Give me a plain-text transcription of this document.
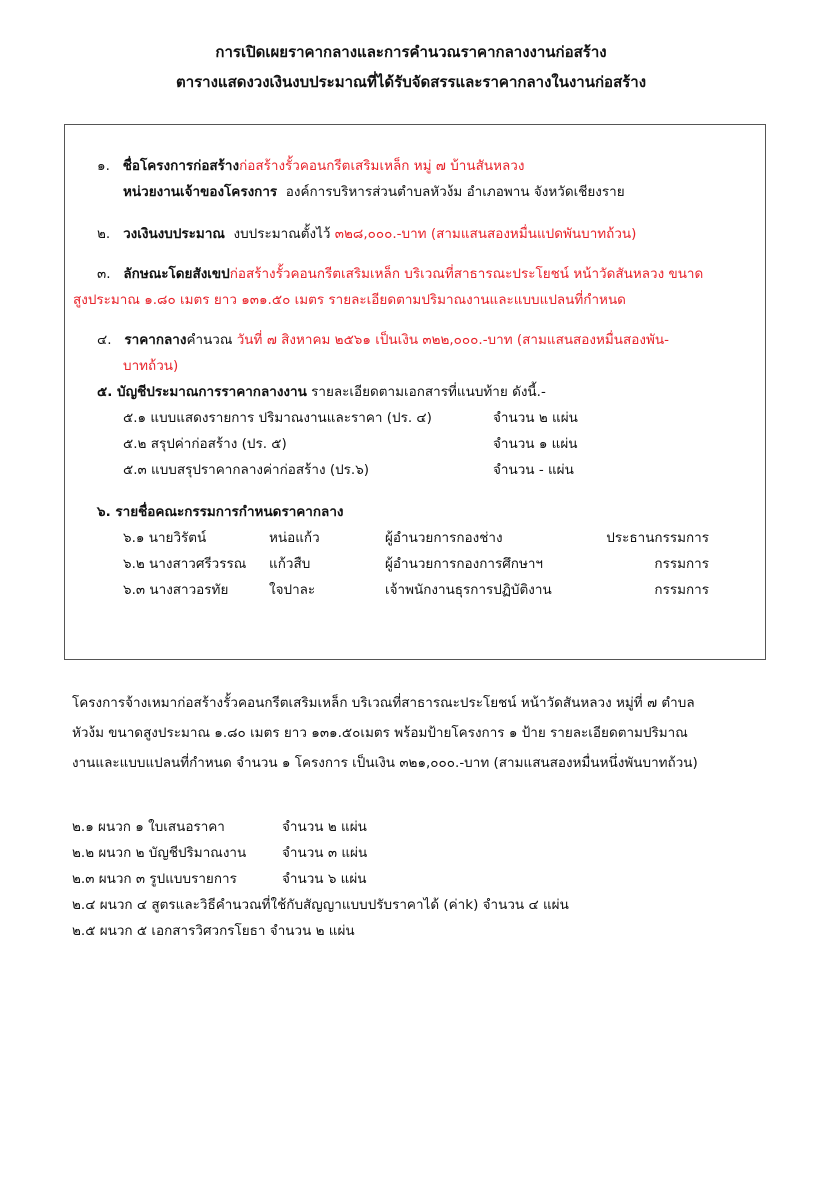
การเปิดเผยราคากลางและการคำนวณราคากลางงานก่อสร้าง
ตารางแสดงวงเงินงบประมาณที่ได้รับจัดสรรและราคากลางในงานก่อสร้าง
๑. ชื่อโครงการก่อสร้างก่อสร้างรั้วคอนกรีตเสริมเหล็ก หมู่ ๗ บ้านสันหลวง
หน่วยงานเจ้าของโครงการ องค์การบริหารส่วนตำบลหัวง้ม อำเภอพาน จังหวัดเชียงราย
๒. วงเงินงบประมาณ งบประมาณตั้งไว้ ๓๒๘,๐๐๐.-บาท (สามแสนสองหมื่นแปดพันบาทถ้วน)
๓. ลักษณะโดยสังเขปก่อสร้างรั้วคอนกรีตเสริมเหล็ก บริเวณที่สาธารณะประโยชน์ หน้าวัดสันหลวง ขนาด
สูงประมาณ ๑.๘๐ เมตร ยาว ๑๓๑.๕๐ เมตร รายละเอียดตามปริมาณงานและแบบแปลนที่กำหนด
๔. ราคากลางคำนวณ วันที่ ๗ สิงหาคม ๒๕๖๑ เป็นเงิน ๓๒๒,๐๐๐.-บาท (สามแสนสองหมื่นสองพัน-
บาทถ้วน)
๕. บัญชีประมาณการราคากลางงาน รายละเอียดตามเอกสารที่แนบท้าย ดังนี้.-
๕.๑ แบบแสดงรายการ ปริมาณงานและราคา (ปร. ๔)	จำนวน ๒ แผ่น
๕.๒ สรุปค่าก่อสร้าง (ปร. ๕)	จำนวน ๑ แผ่น
๕.๓ แบบสรุปราคากลางค่าก่อสร้าง (ปร.๖)	จำนวน - แผ่น
๖. รายชื่อคณะกรรมการกำหนดราคากลาง
๖.๑ นายวิรัตน์	หน่อแก้ว	ผู้อำนวยการกองช่าง	ประธานกรรมการ
๖.๒ นางสาวศรีวรรณ แก้วสืบ	ผู้อำนวยการกองการศึกษาฯ	กรรมการ
๖.๓ นางสาวอรทัย	ใจปาละ	เจ้าพนักงานธุรการปฏิบัติงาน	กรรมการ
โครงการจ้างเหมาก่อสร้างรั้วคอนกรีตเสริมเหล็ก บริเวณที่สาธารณะประโยชน์ หน้าวัดสันหลวง หมู่ที่ ๗ ตำบล
หัวง้ม ขนาดสูงประมาณ ๑.๘๐ เมตร ยาว ๑๓๑.๕๐เมตร พร้อมป้ายโครงการ ๑ ป้าย รายละเอียดตามปริมาณ
งานและแบบแปลนที่กำหนด จำนวน ๑ โครงการ เป็นเงิน ๓๒๑,๐๐๐.-บาท (สามแสนสองหมื่นหนึ่งพันบาทถ้วน)
๒.๑ ผนวก ๑ ใบเสนอราคา	จำนวน ๒ แผ่น
๒.๒ ผนวก ๒ บัญชีปริมาณงาน	จำนวน ๓ แผ่น
๒.๓ ผนวก ๓ รูปแบบรายการ	จำนวน ๖ แผ่น
๒.๔ ผนวก ๔ สูตรและวิธีคำนวณที่ใช้กับสัญญาแบบปรับราคาได้ (ค่าk) จำนวน ๔ แผ่น
๒.๕ ผนวก ๕ เอกสารวิศวกรโยธา จำนวน ๒ แผ่น
